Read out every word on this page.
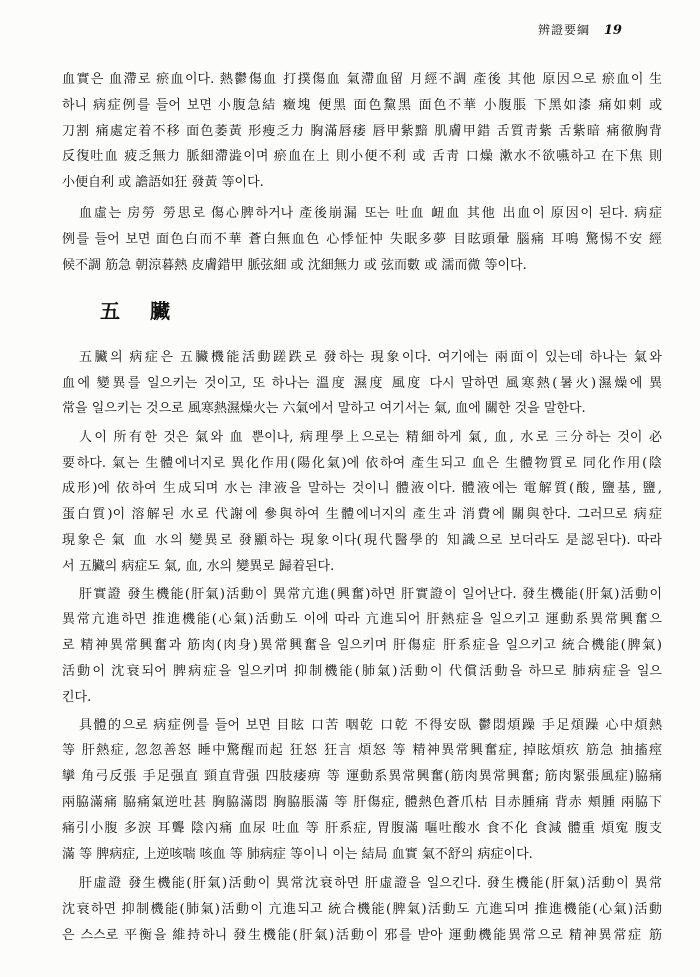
辨證要綱 19
血實은 血滯로 瘀血이다. 熱鬱傷血 打撲傷血 氣滯血留 月經不調 產後 其他 原因으로 瘀血이 生
하니 病症例를 들어 보면 小腹急結 癥塊 便黑 面色黧黑 面色不華 小腹脹 下黑如漆 痛如刺 或
刀割 痛處定着不移 面色萎黃 形瘦乏力 胸滿唇痿 唇甲紫黯 肌膚甲錯 舌質靑紫 舌紫暗 痛徹胸背
反復吐血 疲乏無力 脈細滯澁이며 瘀血在上 則小便不利 或 舌靑 口燥 漱水不欲嚥하고 在下焦 則
小便自利 或 譫語如狂 發黃 等이다.
血虛는 房勞 勞思로 傷心脾하거나 產後崩漏 또는 吐血 衄血 其他 出血이 原因이 된다. 病症
例를 들어 보면 面色白而不華 蒼白無血色 心悸怔忡 失眠多夢 目眩頭暈 腦痛 耳鳴 驚惕不安 經
候不調 筋急 朝涼暮熱 皮膚錯甲 脈弦細 或 沈細無力 或 弦而數 或 濡而微 等이다.
五臟
五臟의 病症은 五臟機能活動蹉跌로 發하는 現象이다. 여기에는 兩面이 있는데 하나는 氣와
血에 變異를 일으키는 것이고, 또 하나는 溫度 濕度 風度 다시 말하면 風寒熱(暑火)濕燥에 異
常을 일으키는 것으로 風寒熱濕燥火는 六氣에서 말하고 여기서는 氣, 血에 關한 것을 말한다.
人이 所有한 것은 氣와 血 뿐이나, 病理學上으로는 精細하게 氣, 血, 水로 三分하는 것이 必
要하다. 氣는 生體에너지로 異化作用(陽化氣)에 依하여 產生되고 血은 生體物質로 同化作用(陰
成形)에 依하여 生成되며 水는 津液을 말하는 것이니 體液이다. 體液에는 電解質(酸, 鹽基, 鹽,
蛋白質)이 溶解된 水로 代謝에 參與하여 生體에너지의 產生과 消費에 關與한다. 그러므로 病症
現象은 氣 血 水의 變異로 發顯하는 現象이다(現代醫學的 知識으로 보더라도 是認된다). 따라
서 五臟의 病症도 氣, 血, 水의 變異로 歸着된다.
肝實證 發生機能(肝氣)活動이 異常亢進(興奮)하면 肝實證이 일어난다. 發生機能(肝氣)活動이
異常亢進하면 推進機能(心氣)活動도 이에 따라 亢進되어 肝熱症을 일으키고 運動系異常興奮으
로 精神異常興奮과 筋肉(肉身)異常興奮을 일으키며 肝傷症 肝系症을 일으키고 統合機能(脾氣)
活動이 沈衰되어 脾病症을 일으키며 抑制機能(肺氣)活動이 代償活動을 하므로 肺病症을 일으
킨다.
具體的으로 病症例를 들어 보면 目眩 口苦 咽乾 口乾 不得安臥 鬱悶煩躁 手足煩躁 心中煩熱
等 肝熱症, 忽忽善怒 睡中驚醒而起 狂怒 狂言 煩怒 等 精神異常興奮症, 掉眩煩疚 筋急 抽搐痙
攣 角弓反張 手足强直 頸直背强 四肢痿痹 等 運動系異常興奮(筋肉異常興奮; 筋肉緊張風症)脇痛
兩脇滿痛 脇痛氣逆吐甚 胸脇滿悶 胸脇脹滿 等 肝傷症, 體熱色蒼爪枯 目赤腫痛 背赤 頰腫 兩脇下
痛引小腹 多淚 耳聾 陰內痛 血尿 吐血 等 肝系症, 胃腹滿 嘔吐酸水 食不化 食減 體重 煩寃 腹支
滿 等 脾病症, 上逆咳喘 咳血 等 肺病症 等이니 이는 結局 血實 氣不舒의 病症이다.
肝虛證 發生機能(肝氣)活動이 異常沈衰하면 肝虛證을 일으킨다. 發生機能(肝氣)活動이 異常
沈衰하면 抑制機能(肺氣)活動이 亢進되고 統合機能(脾氣)活動도 亢進되며 推進機能(心氣)活動
은 스스로 平衡을 維持하니 發生機能(肝氣)活動이 邪를 받아 運動機能異常으로 精神異常症 筋
